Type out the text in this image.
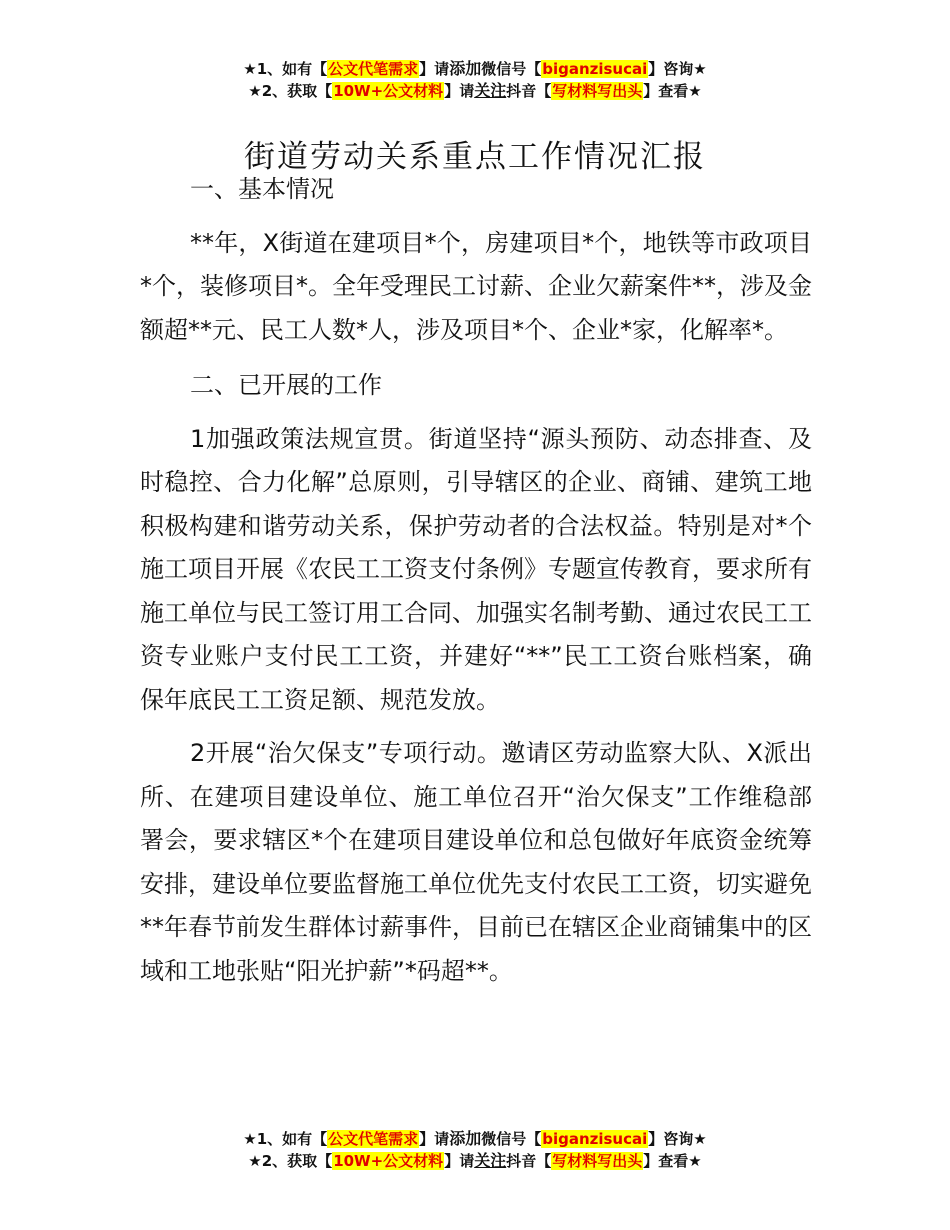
★1、如有【公文代笔需求】请添加微信号【biganzisucai】咨询★
★2、获取【10W+公文材料】请关注抖音【写材料写出头】查看★
街道劳动关系重点工作情况汇报

一、基本情况

**年，X街道在建项目*个，房建项目*个，地铁等市政项目*个，装修项目*。全年受理民工讨薪、企业欠薪案件**，涉及金额超**元、民工人数*人，涉及项目*个、企业*家，化解率*。

二、已开展的工作

1加强政策法规宣贯。街道坚持“源头预防、动态排查、及时稳控、合力化解”总原则，引导辖区的企业、商铺、建筑工地积极构建和谐劳动关系，保护劳动者的合法权益。特别是对*个施工项目开展《农民工工资支付条例》专题宣传教育，要求所有施工单位与民工签订用工合同、加强实名制考勤、通过农民工工资专业账户支付民工工资，并建好“**”民工工资台账档案，确保年底民工工资足额、规范发放。

2开展“治欠保支”专项行动。邀请区劳动监察大队、X派出所、在建项目建设单位、施工单位召开“治欠保支”工作维稳部署会，要求辖区*个在建项目建设单位和总包做好年底资金统筹安排，建设单位要监督施工单位优先支付农民工工资，切实避免**年春节前发生群体讨薪事件，目前已在辖区企业商铺集中的区域和工地张贴“阳光护薪”*码超**。

★1、如有【公文代笔需求】请添加微信号【biganzisucai】咨询★
★2、获取【10W+公文材料】请关注抖音【写材料写出头】查看★
